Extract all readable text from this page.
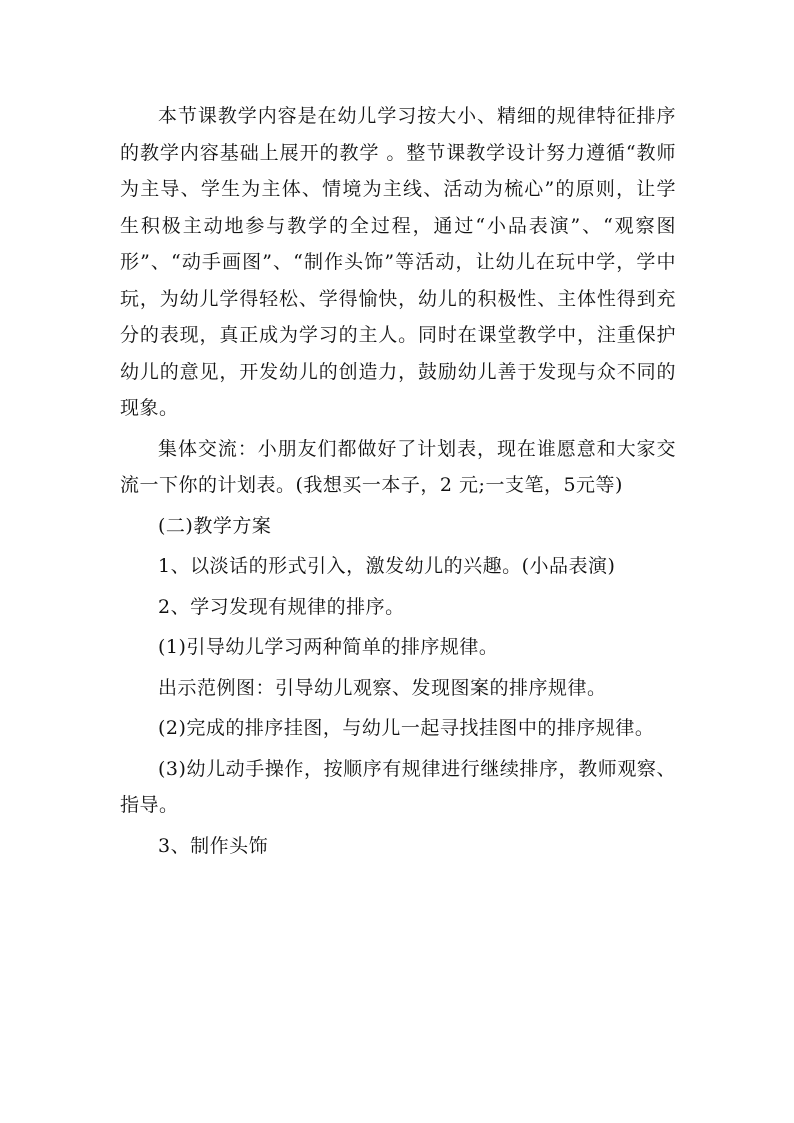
本节课教学内容是在幼儿学习按大小、精细的规律特征排序的教学内容基础上展开的教学 。整节课教学设计努力遵循“教师为主导、学生为主体、情境为主线、活动为梳心”的原则，让学生积极主动地参与教学的全过程，通过“小品表演”、“观察图形”、“动手画图”、“制作头饰”等活动，让幼儿在玩中学，学中玩，为幼儿学得轻松、学得愉快，幼儿的积极性、主体性得到充分的表现，真正成为学习的主人。同时在课堂教学中，注重保护幼儿的意见，开发幼儿的创造力，鼓励幼儿善于发现与众不同的现象。

集体交流：小朋友们都做好了计划表，现在谁愿意和大家交流一下你的计划表。(我想买一本子，2 元;一支笔，5元等)

(二)教学方案

1、以淡话的形式引入，激发幼儿的兴趣。(小品表演)

2、学习发现有规律的排序。

(1)引导幼儿学习两种简单的排序规律。

出示范例图：引导幼儿观察、发现图案的排序规律。

(2)完成的排序挂图，与幼儿一起寻找挂图中的排序规律。

(3)幼儿动手操作，按顺序有规律进行继续排序，教师观察、指导。

3、制作头饰
